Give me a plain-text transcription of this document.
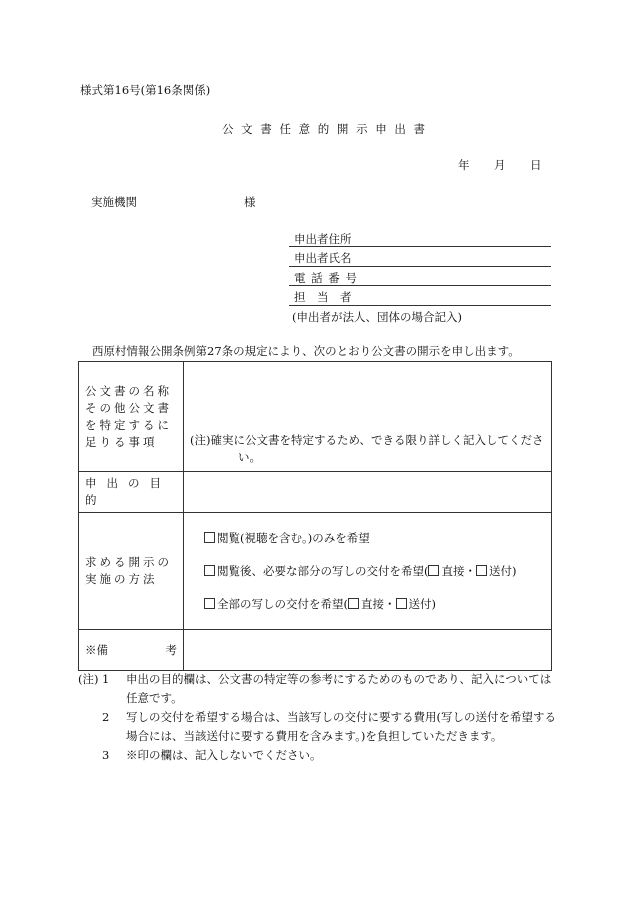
様式第16号(第16条関係)
公 文 書 任 意 的 開 示 申 出 書
年 月 日
実施機関	様
申出者住所
申出者氏名
電 話 番 号
担　当　者
(申出者が法人、団体の場合記入)
西原村情報公開条例第27条の規定により、次のとおり公文書の開示を申し出ます。
公文書の名称その他公文書を特定するに足りる事項	(注)確実に公文書を特定するため、できる限り詳しく記入してください。

申出の目的	
求める開示の実施の方法	閲覧(視聴を含む。)のみを希望
閲覧後、必要な部分の写しの交付を希望( 直接・ 送付)
全部の写しの交付を希望( 直接・ 送付)

※備 考	

(注) 1	申出の目的欄は、公文書の特定等の参考にするためのものであり、記入については任意です。
2	写しの交付を希望する場合は、当該写しの交付に要する費用(写しの送付を希望する場合には、当該送付に要する費用を含みます。)を負担していただきます。
3	※印の欄は、記入しないでください。
